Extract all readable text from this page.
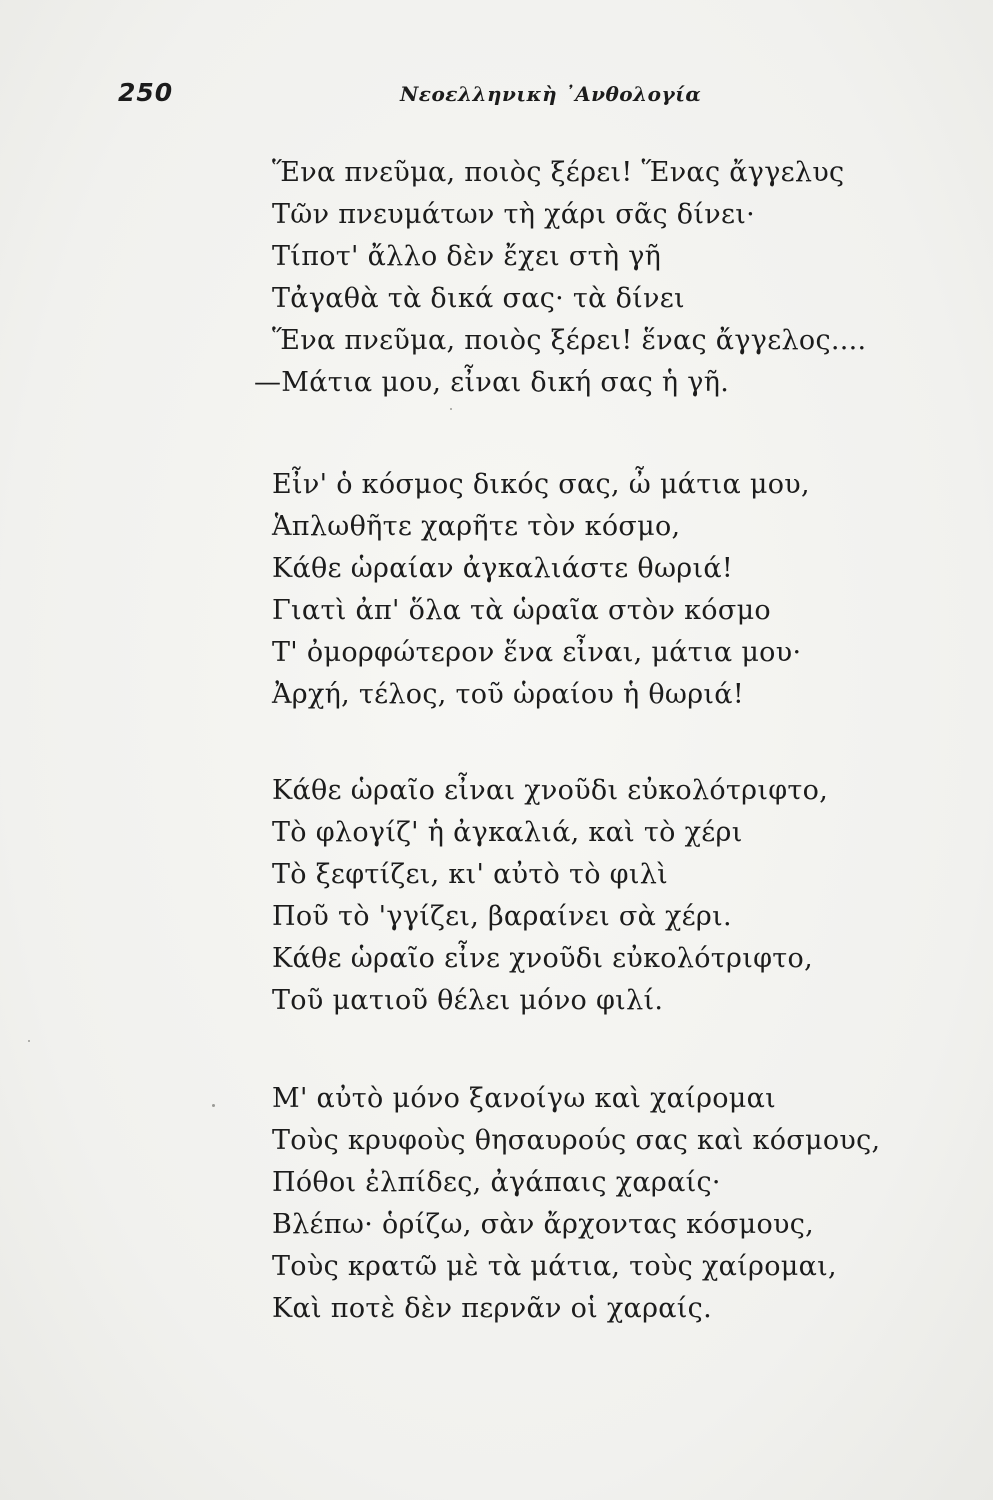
250	Νεοελληνικὴ ᾿Ανθολογία
Ἕνα πνεῦμα, ποιὸς ξέρει! Ἕνας ἄγγελυς
Τῶν πνευμάτων τὴ χάρι σᾶς δίνει·
Τίποτ' ἄλλο δὲν ἔχει στὴ γῆ
Τἀγαθὰ τὰ δικά σας· τὰ δίνει
Ἕνα πνεῦμα, ποιὸς ξέρει! ἕνας ἄγγελος....
—Μάτια μου, εἶναι δική σας ἡ γῆ.
Εἶν' ὁ κόσμος δικός σας, ὦ μάτια μου,
Ἁπλωθῆτε χαρῆτε τὸν κόσμο,
Κάθε ὡραίαν ἀγκαλιάστε θωριά!
Γιατὶ ἀπ' ὅλα τὰ ὡραῖα στὸν κόσμο
Τ' ὀμορφώτερον ἕνα εἶναι, μάτια μου·
Ἀρχή, τέλος, τοῦ ὡραίου ἡ θωριά!
Κάθε ὡραῖο εἶναι χνοῦδι εὐκολότριφτο,
Τὸ φλογίζ' ἡ ἀγκαλιά, καὶ τὸ χέρι
Τὸ ξεφτίζει, κι' αὐτὸ τὸ φιλὶ
Ποῦ τὸ 'γγίζει, βαραίνει σὰ χέρι.
Κάθε ὡραῖο εἶνε χνοῦδι εὐκολότριφτο,
Τοῦ ματιοῦ θέλει μόνο φιλί.
Μ' αὐτὸ μόνο ξανοίγω καὶ χαίρομαι
Τοὺς κρυφοὺς θησαυρούς σας καὶ κόσμους,
Πόθοι ἐλπίδες, ἀγάπαις χαραίς·
Βλέπω· ὁρίζω, σὰν ἄρχοντας κόσμους,
Τοὺς κρατῶ μὲ τὰ μάτια, τοὺς χαίρομαι,
Καὶ ποτὲ δὲν περνᾶν οἱ χαραίς.
